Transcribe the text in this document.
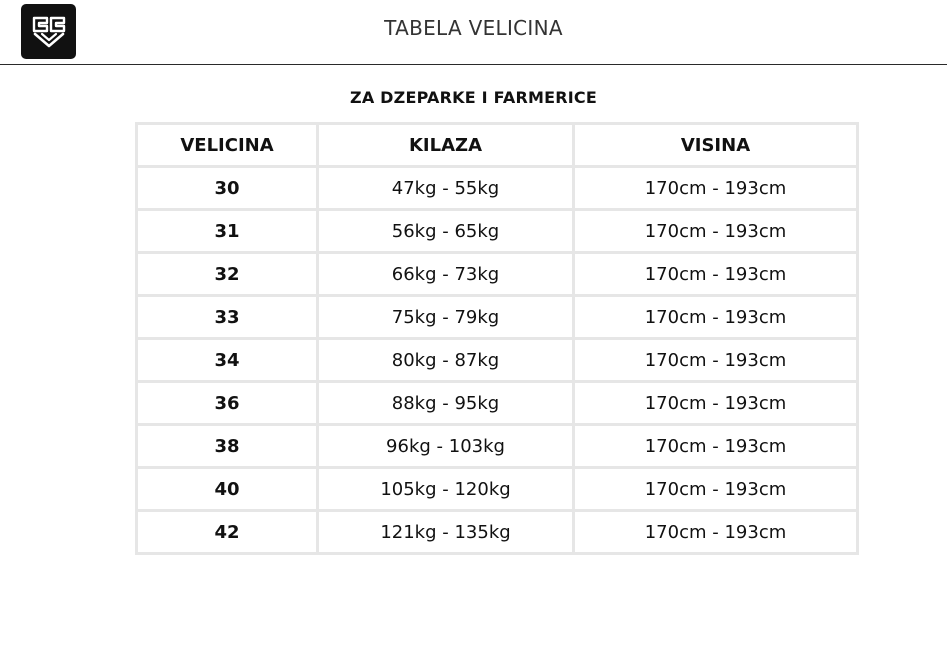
TABELA VELICINA
ZA DZEPARKE I FARMERICE
VELICINA	KILAZA	VISINA
30	47kg - 55kg	170cm - 193cm
31	56kg - 65kg	170cm - 193cm
32	66kg - 73kg	170cm - 193cm
33	75kg - 79kg	170cm - 193cm
34	80kg - 87kg	170cm - 193cm
36	88kg - 95kg	170cm - 193cm
38	96kg - 103kg	170cm - 193cm
40	105kg - 120kg	170cm - 193cm
42	121kg - 135kg	170cm - 193cm
